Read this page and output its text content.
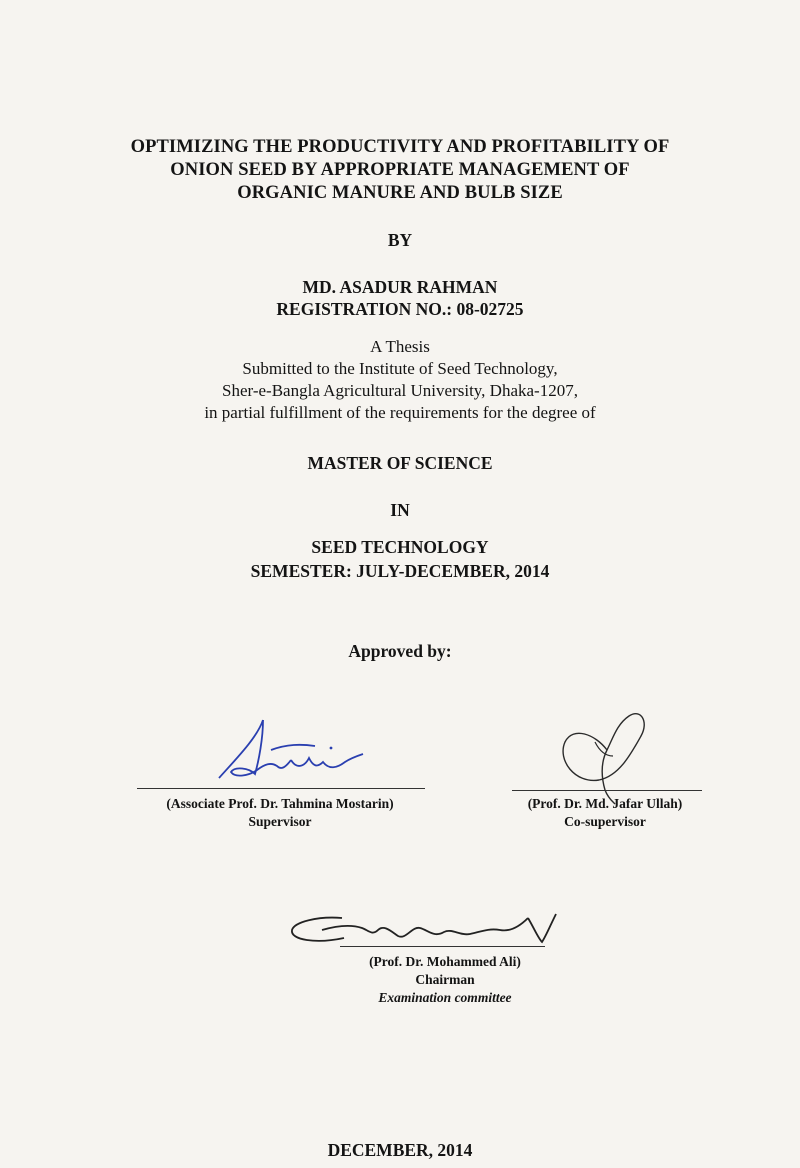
OPTIMIZING THE PRODUCTIVITY AND PROFITABILITY OF
ONION SEED BY APPROPRIATE MANAGEMENT OF
ORGANIC MANURE AND BULB SIZE
BY
MD. ASADUR RAHMAN
REGISTRATION NO.: 08-02725
A Thesis
Submitted to the Institute of Seed Technology,
Sher-e-Bangla Agricultural University, Dhaka-1207,
in partial fulfillment of the requirements for the degree of
MASTER OF SCIENCE
IN
SEED TECHNOLOGY
SEMESTER: JULY-DECEMBER, 2014
Approved by:
(Associate Prof. Dr. Tahmina Mostarin)
Supervisor
(Prof. Dr. Md. Jafar Ullah)
Co-supervisor
(Prof. Dr. Mohammed Ali)
Chairman
Examination committee
DECEMBER, 2014
